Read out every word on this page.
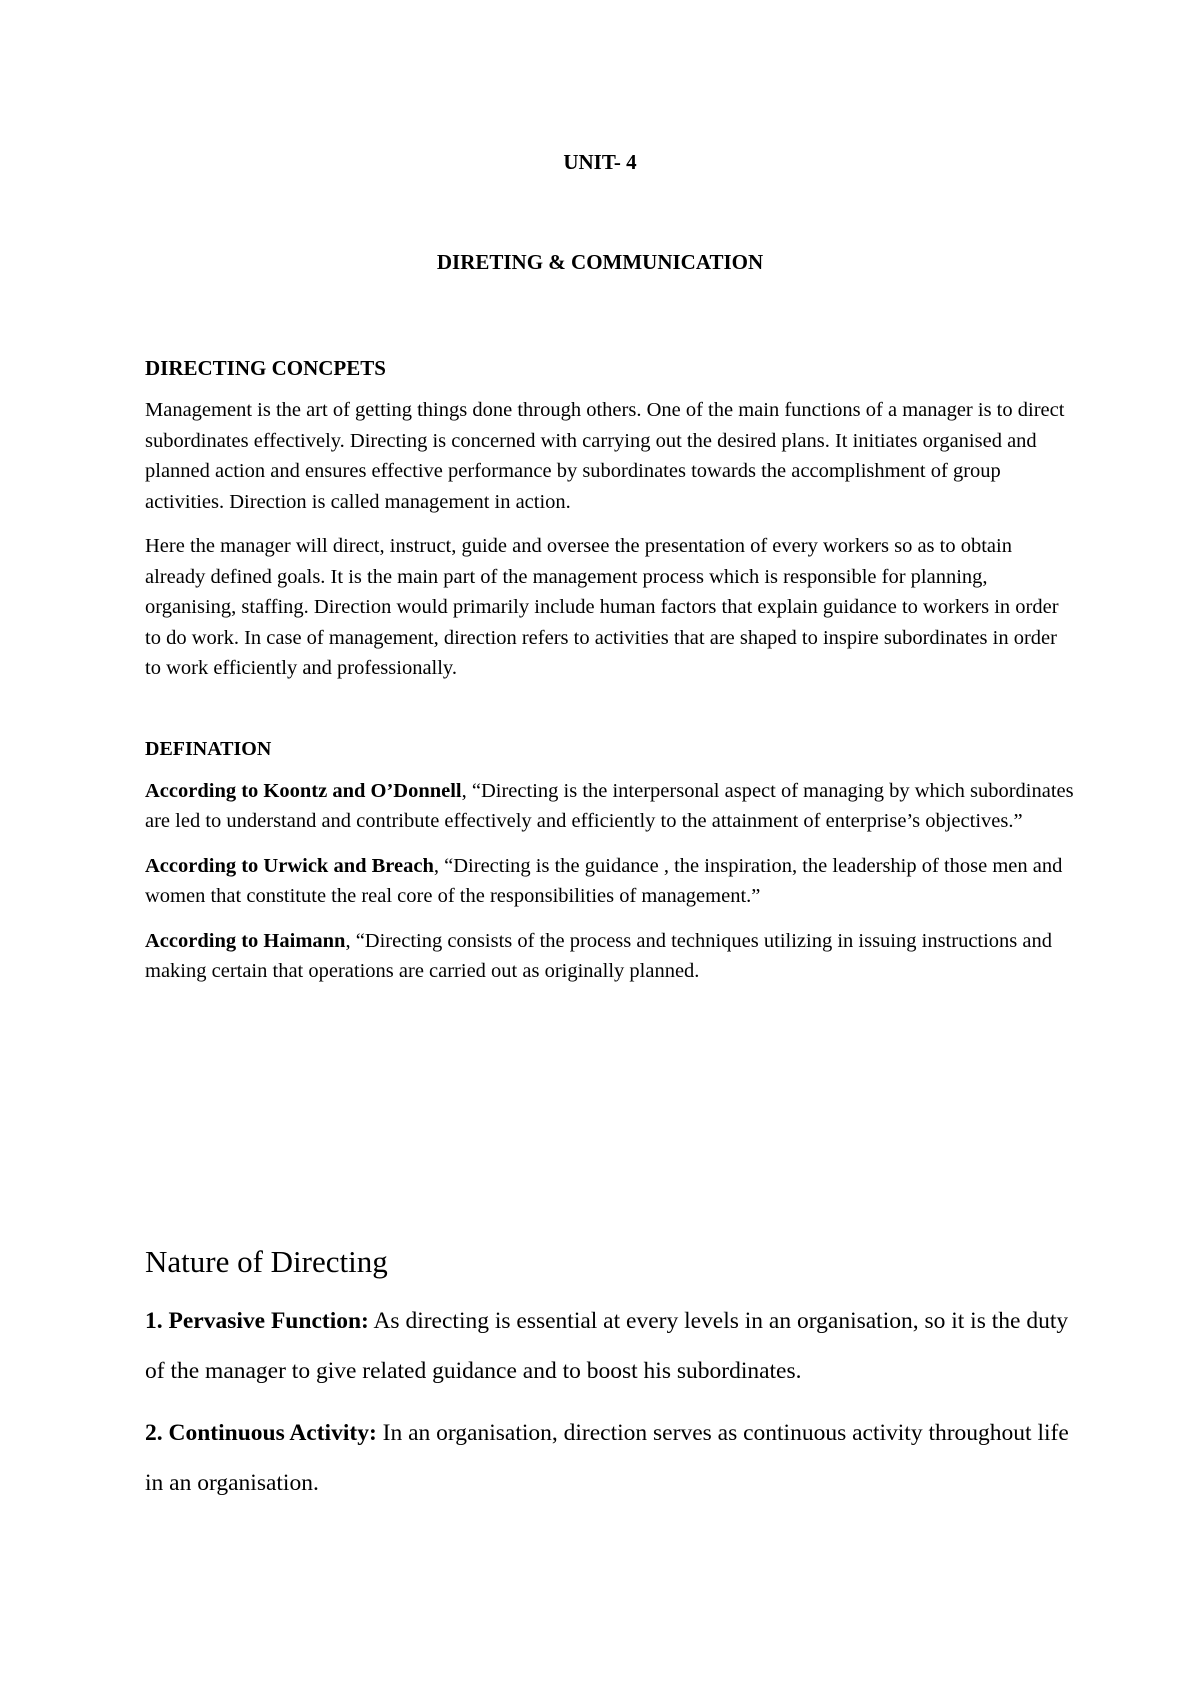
UNIT- 4
DIRETING & COMMUNICATION
DIRECTING CONCPETS

Management is the art of getting things done through others. One of the main functions of a manager is to direct subordinates effectively. Directing is concerned with carrying out the desired plans. It initiates organised and planned action and ensures effective performance by subordinates towards the accomplishment of group activities. Direction is called management in action.

Here the manager will direct, instruct, guide and oversee the presentation of every workers so as to obtain already defined goals. It is the main part of the management process which is responsible for planning, organising, staffing. Direction would primarily include human factors that explain guidance to workers in order to do work. In case of management, direction refers to activities that are shaped to inspire subordinates in order to work efficiently and professionally.

DEFINATION

According to Koontz and O’Donnell, “Directing is the interpersonal aspect of managing by which subordinates are led to understand and contribute effectively and efficiently to the attainment of enterprise’s objectives.”

According to Urwick and Breach, “Directing is the guidance , the inspiration, the leadership of those men and women that constitute the real core of the responsibilities of management.”

According to Haimann, “Directing consists of the process and techniques utilizing in issuing instructions and making certain that operations are carried out as originally planned.

Nature of Directing

1. Pervasive Function: As directing is essential at every levels in an organisation, so it is the duty of the manager to give related guidance and to boost his subordinates.

2. Continuous Activity: In an organisation, direction serves as continuous activity throughout life in an organisation.
